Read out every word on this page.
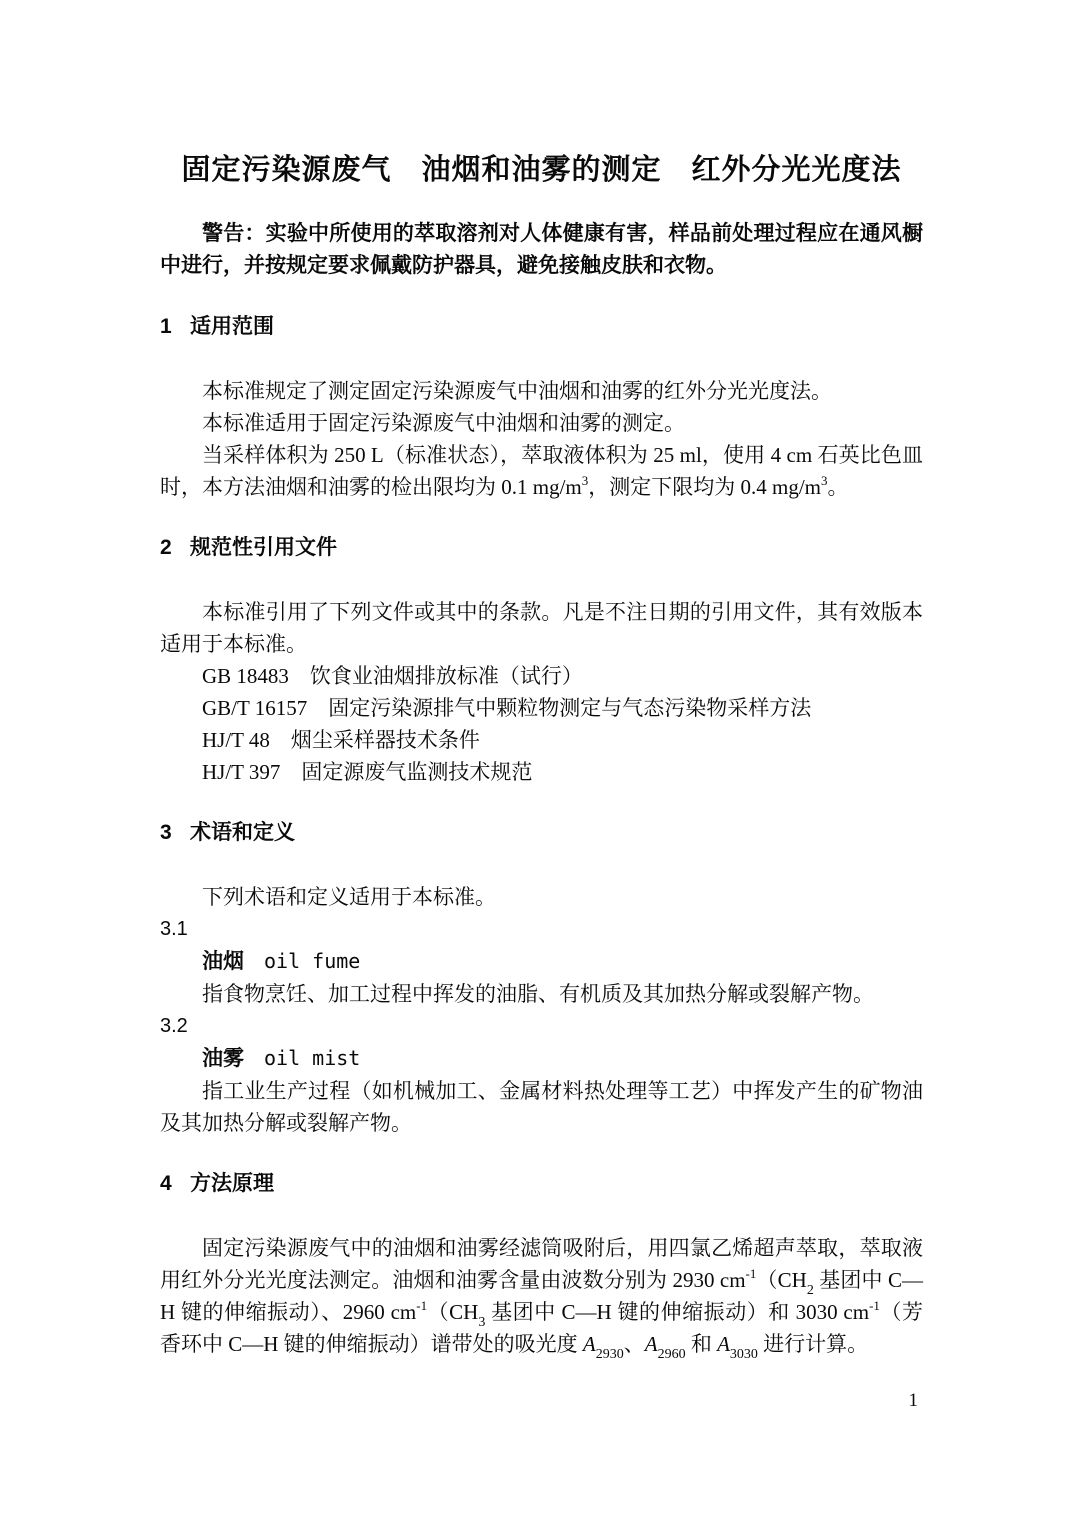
固定污染源废气　油烟和油雾的测定　红外分光光度法

警告：实验中所使用的萃取溶剂对人体健康有害，样品前处理过程应在通风橱中进行，并按规定要求佩戴防护器具，避免接触皮肤和衣物。

1 适用范围

本标准规定了测定固定污染源废气中油烟和油雾的红外分光光度法。

本标准适用于固定污染源废气中油烟和油雾的测定。

当采样体积为 250 L（标准状态），萃取液体积为 25 ml，使用 4 cm 石英比色皿时，本方法油烟和油雾的检出限均为 0.1 $mg/m^3$，测定下限均为 0.4 $mg/m^3$。

2 规范性引用文件

本标准引用了下列文件或其中的条款。凡是不注日期的引用文件，其有效版本适用于本标准。

GB 18483　饮食业油烟排放标准（试行）

GB/T 16157　固定污染源排气中颗粒物测定与气态污染物采样方法

HJ/T 48　烟尘采样器技术条件

HJ/T 397　固定源废气监测技术规范

3 术语和定义

下列术语和定义适用于本标准。

3.1

油烟 oil fume

指食物烹饪、加工过程中挥发的油脂、有机质及其加热分解或裂解产物。

3.2

油雾 oil mist

指工业生产过程（如机械加工、金属材料热处理等工艺）中挥发产生的矿物油及其加热分解或裂解产物。

4 方法原理

固定污染源废气中的油烟和油雾经滤筒吸附后，用四氯乙烯超声萃取，萃取液用红外分光光度法测定。油烟和油雾含量由波数分别为 2930 $cm^{-1}(CH_2$ 基团中 C—H 键的伸缩振动）、2960 $cm^{-1}(CH_3$ 基团中 C—H 键的伸缩振动）和 3030 $cm^{-1}$（芳香环中 C—H 键的伸缩振动）谱带处的吸光度 $A_{2930}$、$A_{2960}$ 和 $A_{3030}$ 进行计算。

1
